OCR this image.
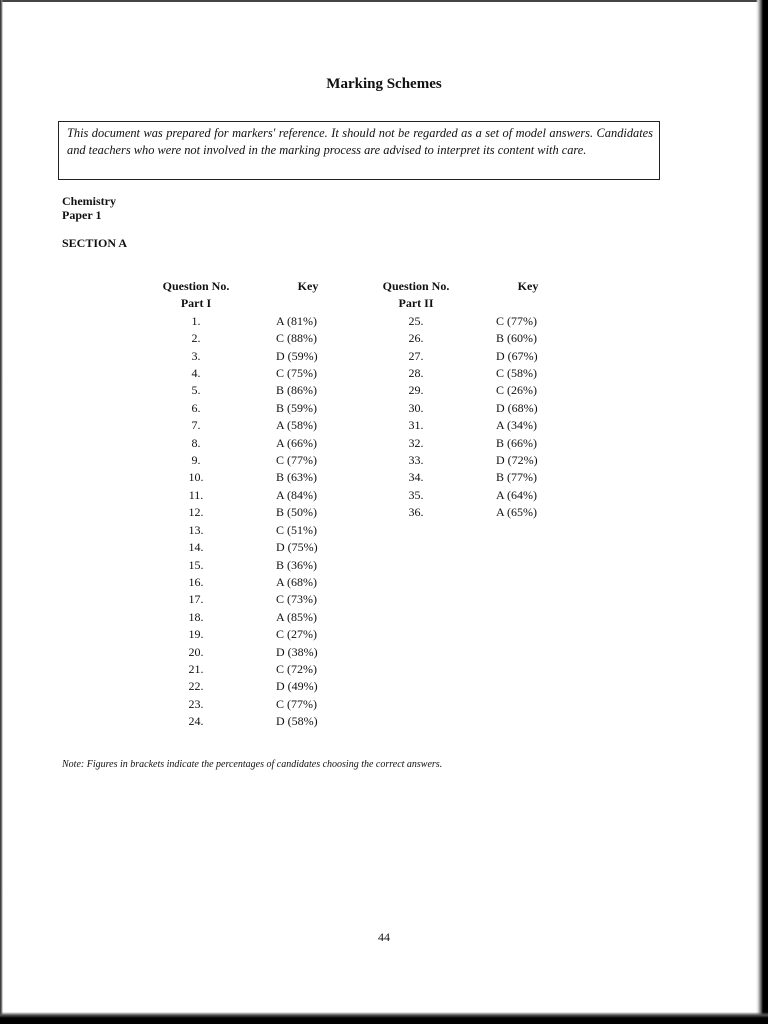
Marking Schemes
This document was prepared for markers' reference. It should not be regarded as a set of model answers. Candidates and teachers who were not involved in the marking process are advised to interpret its content with care.
Chemistry
Paper 1
SECTION A
Question No.
Part I
1.
2.
3.
4.
5.
6.
7.
8.
9.
10.
11.
12.
13.
14.
15.
16.
17.
18.
19.
20.
21.
22.
23.
24.
Key

A (81%)
C (88%)
D (59%)
C (75%)
B (86%)
B (59%)
A (58%)
A (66%)
C (77%)
B (63%)
A (84%)
B (50%)
C (51%)
D (75%)
B (36%)
A (68%)
C (73%)
A (85%)
C (27%)
D (38%)
C (72%)
D (49%)
C (77%)
D (58%)
Question No.
Part II
25.
26.
27.
28.
29.
30.
31.
32.
33.
34.
35.
36.
Key

C (77%)
B (60%)
D (67%)
C (58%)
C (26%)
D (68%)
A (34%)
B (66%)
D (72%)
B (77%)
A (64%)
A (65%)
Note: Figures in brackets indicate the percentages of candidates choosing the correct answers.
44
